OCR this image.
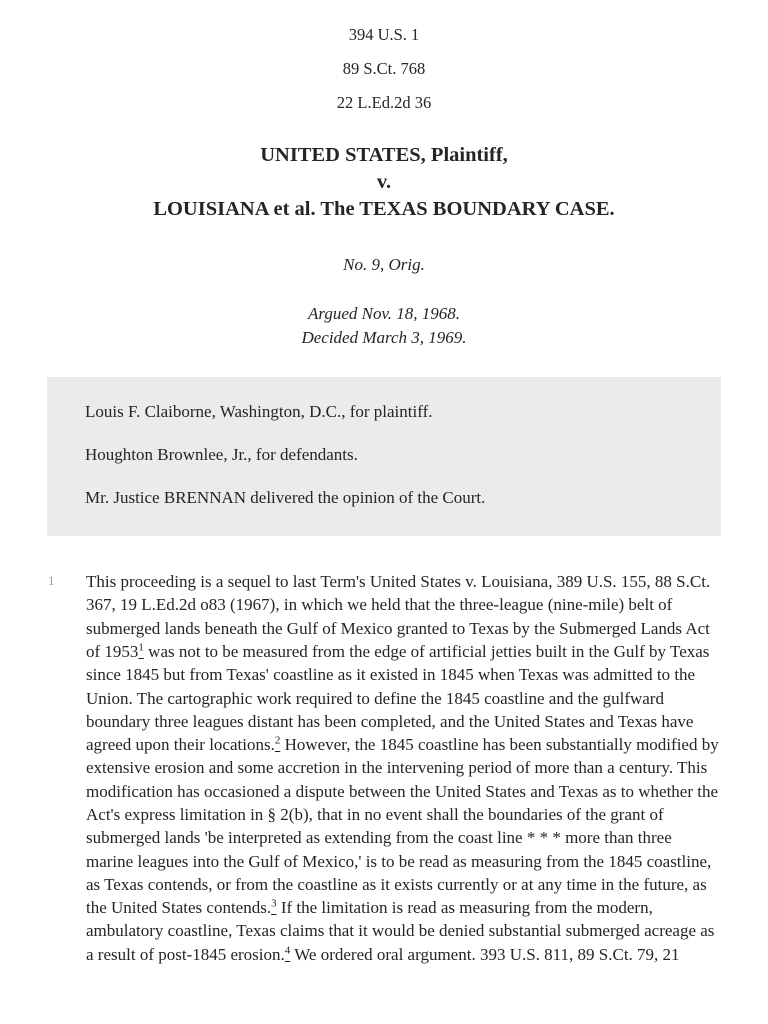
394 U.S. 1

89 S.Ct. 768

22 L.Ed.2d 36

UNITED STATES, Plaintiff,
v.
LOUISIANA et al. The TEXAS BOUNDARY CASE.

No. 9, Orig.

Argued Nov. 18, 1968.

Decided March 3, 1969.

Louis F. Claiborne, Washington, D.C., for plaintiff.

Houghton Brownlee, Jr., for defendants.

Mr. Justice BRENNAN delivered the opinion of the Court.

1 This proceeding is a sequel to last Term's United States v. Louisiana, 389 U.S. 155, 88 S.Ct. 367, 19 L.Ed.2d o83 (1967), in which we held that the three-league (nine-mile) belt of submerged lands beneath the Gulf of Mexico granted to Texas by the Submerged Lands Act of 1953$^1$ was not to be measured from the edge of artificial jetties built in the Gulf by Texas since 1845 but from Texas' coastline as it existed in 1845 when Texas was admitted to the Union. The cartographic work required to define the 1845 coastline and the gulfward boundary three leagues distant has been completed, and the United States and Texas have agreed upon their locations.$^2$ However, the 1845 coastline has been substantially modified by extensive erosion and some accretion in the intervening period of more than a century. This modification has occasioned a dispute between the United States and Texas as to whether the Act's express limitation in § 2(b), that in no event shall the boundaries of the grant of submerged lands 'be interpreted as extending from the coast line * * * more than three marine leagues into the Gulf of Mexico,' is to be read as measuring from the 1845 coastline, as Texas contends, or from the coastline as it exists currently or at any time in the future, as the United States contends.$^3$ If the limitation is read as measuring from the modern, ambulatory coastline, Texas claims that it would be denied substantial submerged acreage as a result of post-1845 erosion.$^4$ We ordered oral argument. 393 U.S. 811, 89 S.Ct. 79, 21
